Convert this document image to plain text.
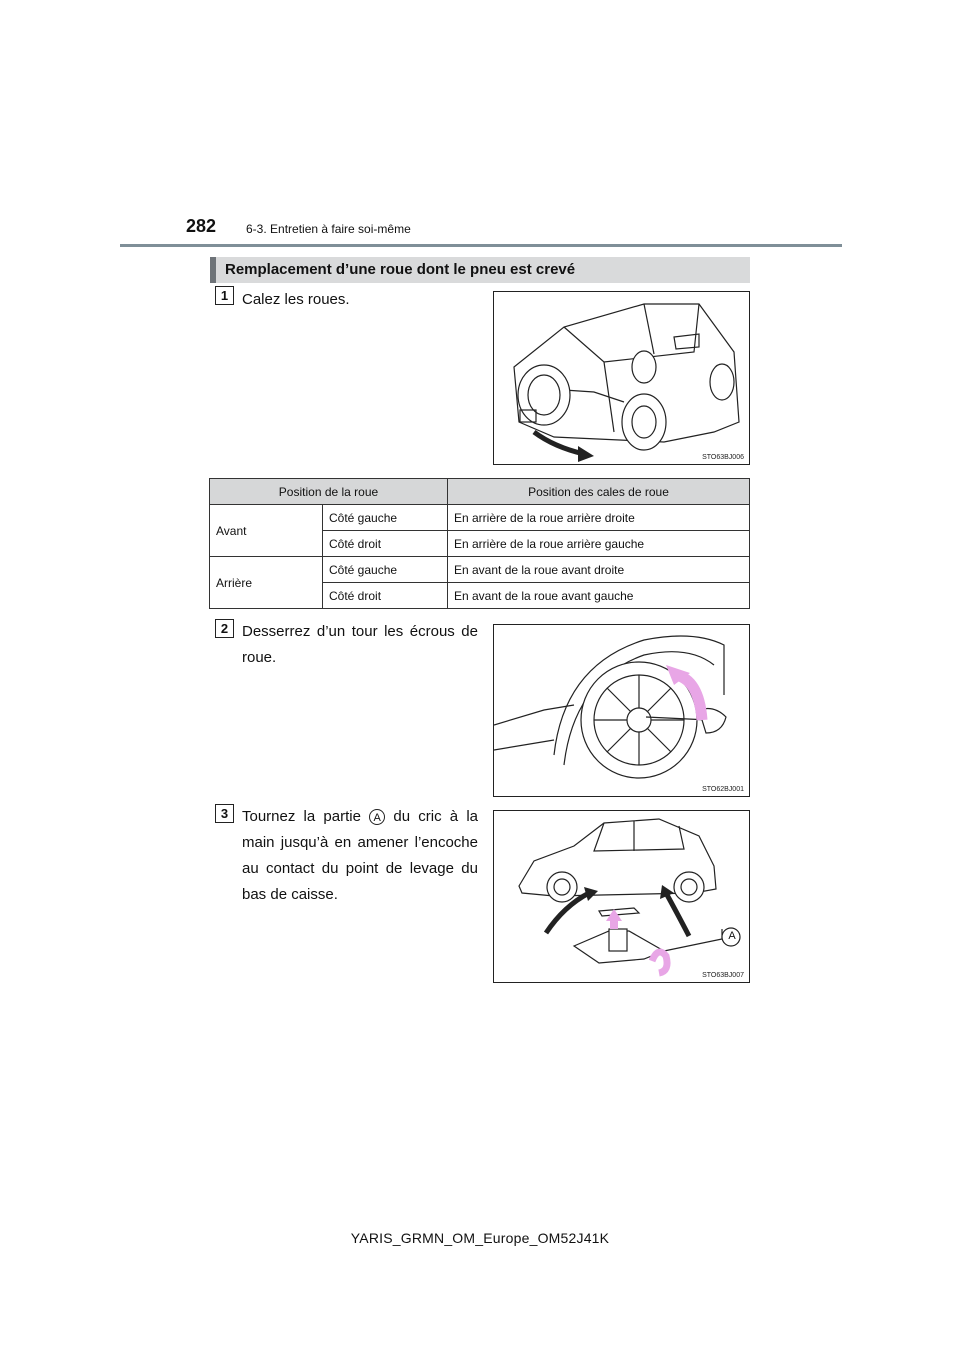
282 6-3. Entretien à faire soi-même
Remplacement d’une roue dont le pneu est crevé
1 Calez les roues.
STO63BJ006
Position de la roue		Position des cales de roue
Avant	Côté gauche	En arrière de la roue arrière droite
	Côté droit	En arrière de la roue arrière gauche
Arrière	Côté gauche	En avant de la roue avant droite
	Côté droit	En avant de la roue avant gauche
2 Desserrez d’un tour les écrous de roue.
STO62BJ001
3 Tournez la partie A du cric à la main jusqu’à en amener l’encoche au contact du point de levage du bas de caisse.
A
STO63BJ007
YARIS_GRMN_OM_Europe_OM52J41K
